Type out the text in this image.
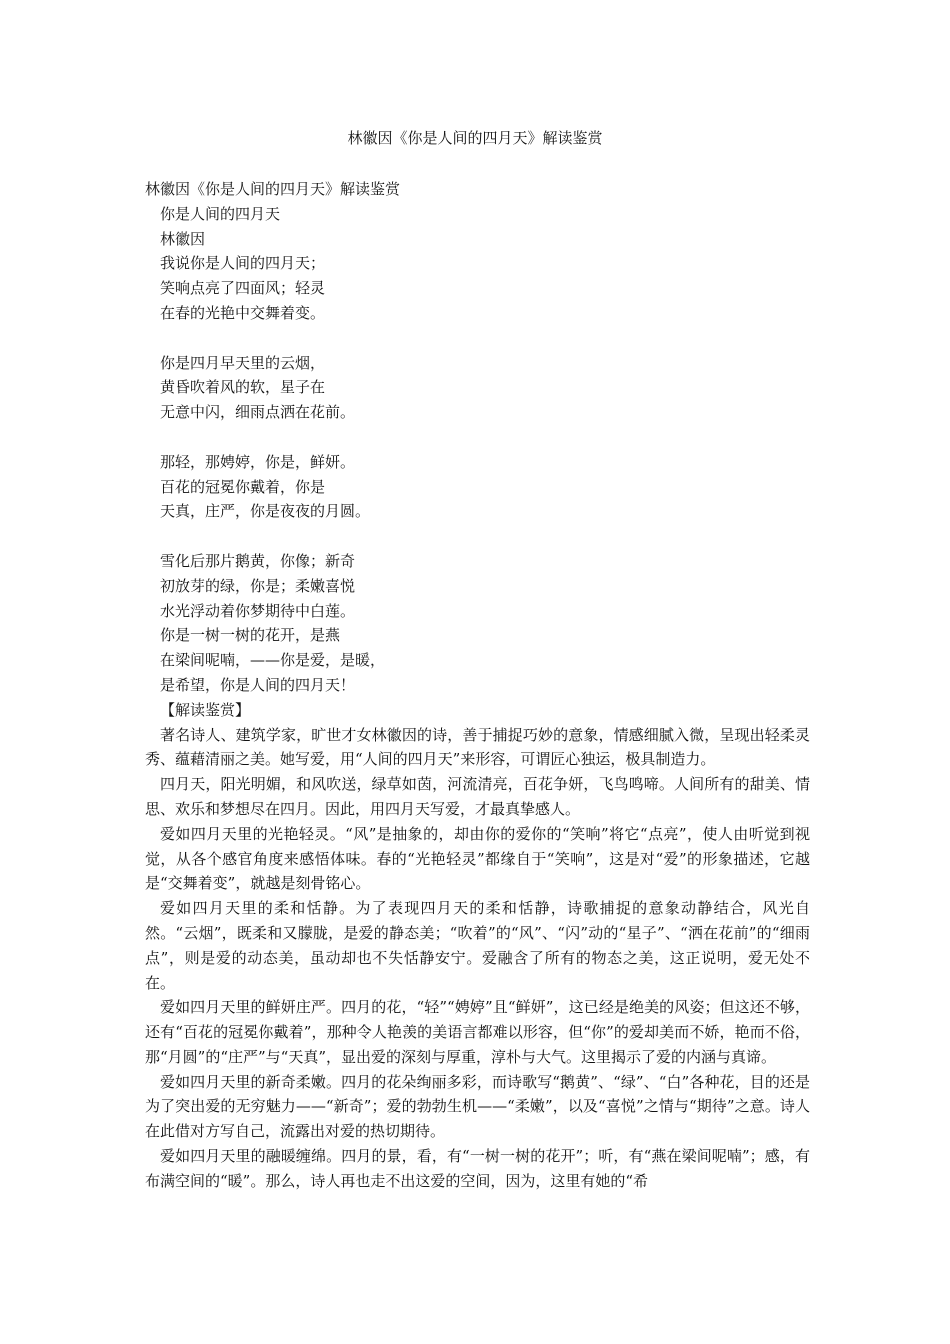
林徽因《你是人间的四月天》解读鉴赏
林徽因《你是人间的四月天》解读鉴赏
你是人间的四月天
林徽因
我说你是人间的四月天；
笑响点亮了四面风；轻灵
在春的光艳中交舞着变。
你是四月早天里的云烟，
黄昏吹着风的软，星子在
无意中闪，细雨点洒在花前。
那轻，那娉婷，你是，鲜妍。
百花的冠冕你戴着，你是
天真，庄严，你是夜夜的月圆。
雪化后那片鹅黄，你像；新奇
初放芽的绿，你是；柔嫩喜悦
水光浮动着你梦期待中白莲。
你是一树一树的花开，是燕
在梁间呢喃，——你是爱，是暖，
是希望，你是人间的四月天！
【解读鉴赏】

著名诗人、建筑学家，旷世才女林徽因的诗，善于捕捉巧妙的意象，情感细腻入微，呈现出轻柔灵秀、蕴藉清丽之美。她写爱，用“人间的四月天”来形容，可谓匠心独运，极具制造力。

四月天，阳光明媚，和风吹送，绿草如茵，河流清亮，百花争妍，飞鸟鸣啼。人间所有的甜美、情思、欢乐和梦想尽在四月。因此，用四月天写爱，才最真挚感人。

爱如四月天里的光艳轻灵。“风”是抽象的，却由你的爱你的“笑响”将它“点亮”，使人由听觉到视觉，从各个感官角度来感悟体味。春的“光艳轻灵”都缘自于“笑响”，这是对“爱”的形象描述，它越是“交舞着变”，就越是刻骨铭心。

爱如四月天里的柔和恬静。为了表现四月天的柔和恬静，诗歌捕捉的意象动静结合，风光自然。“云烟”，既柔和又朦胧，是爱的静态美；“吹着”的“风”、“闪”动的“星子”、“洒在花前”的“细雨点”，则是爱的动态美，虽动却也不失恬静安宁。爱融含了所有的物态之美，这正说明，爱无处不在。

爱如四月天里的鲜妍庄严。四月的花，“轻”“娉婷”且“鲜妍”，这已经是绝美的风姿；但这还不够，还有“百花的冠冕你戴着”，那种令人艳羡的美语言都难以形容，但“你”的爱却美而不娇，艳而不俗，那“月圆”的“庄严”与“天真”，显出爱的深刻与厚重，淳朴与大气。这里揭示了爱的内涵与真谛。

爱如四月天里的新奇柔嫩。四月的花朵绚丽多彩，而诗歌写“鹅黄”、“绿”、“白”各种花，目的还是为了突出爱的无穷魅力——“新奇”；爱的勃勃生机——“柔嫩”，以及“喜悦”之情与“期待”之意。诗人在此借对方写自己，流露出对爱的热切期待。

爱如四月天里的融暖缠绵。四月的景，看，有“一树一树的花开”；听，有“燕在梁间呢喃”；感，有布满空间的“暖”。那么，诗人再也走不出这爱的空间，因为，这里有她的“希
